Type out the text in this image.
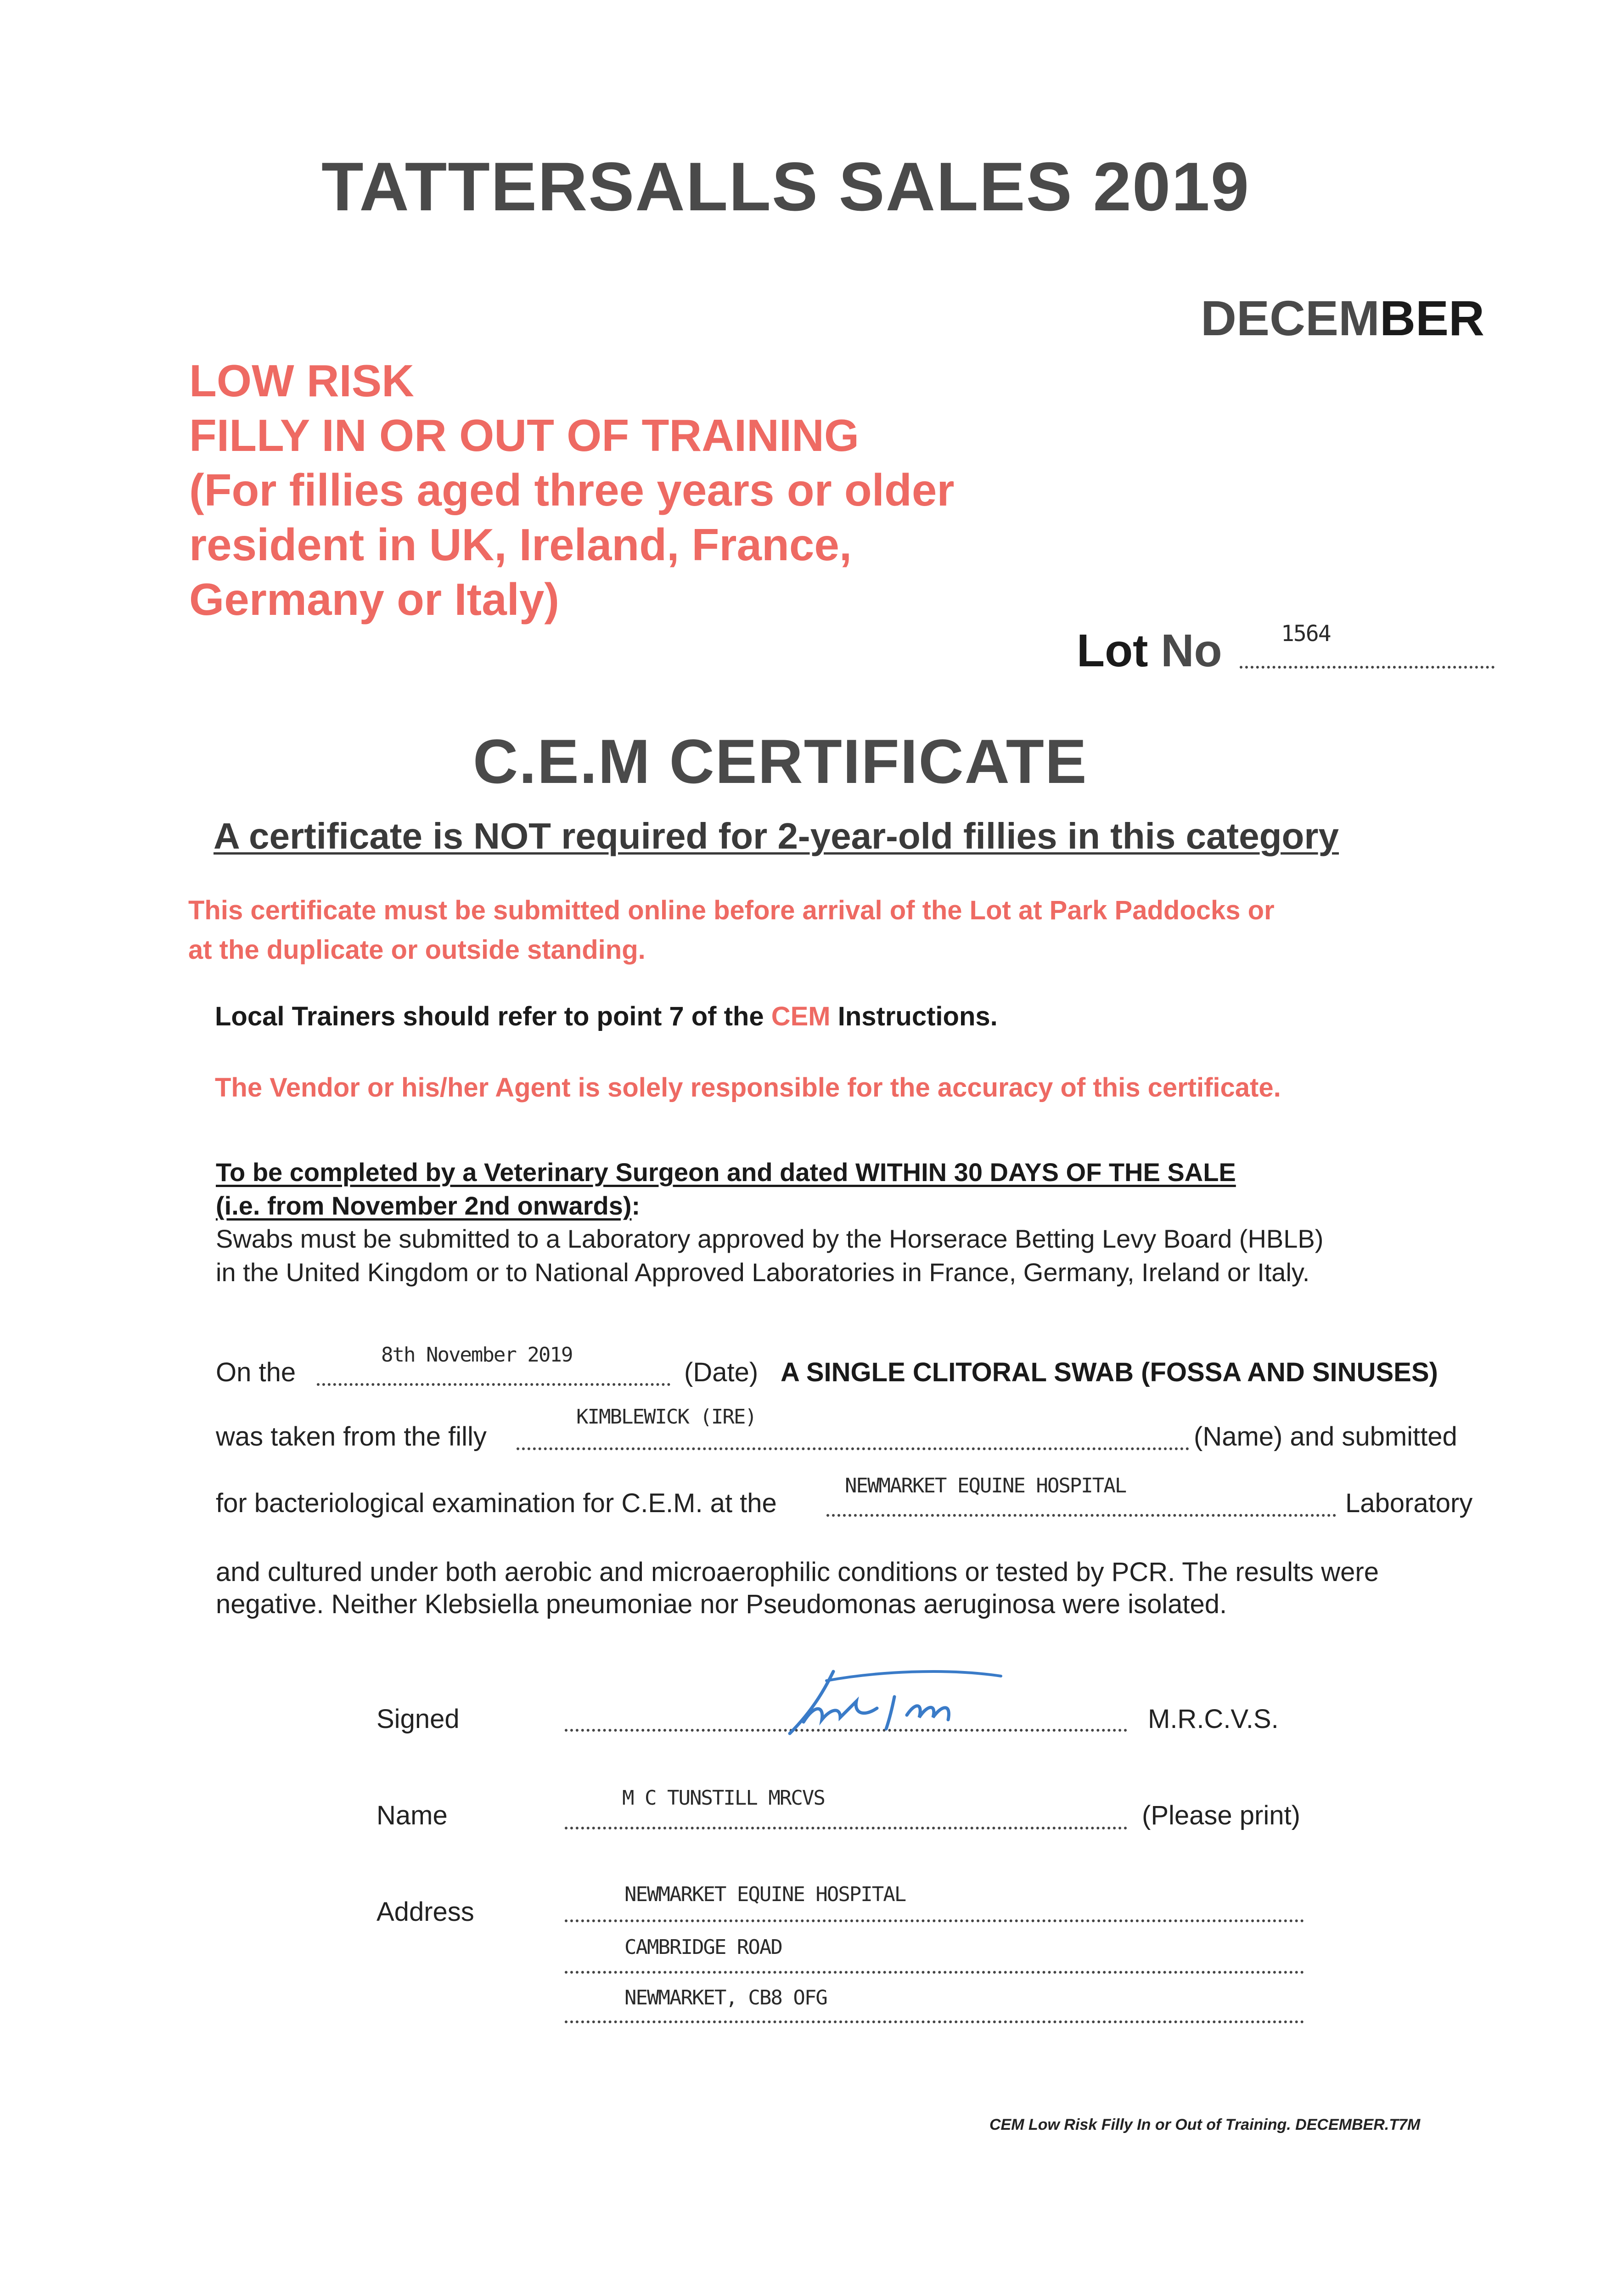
TATTERSALLS SALES 2019
DECEMBER
LOW RISK
FILLY IN OR OUT OF TRAINING
(For fillies aged three years or older
resident in UK, Ireland, France,
Germany or Italy)
Lot No	1564
C.E.M CERTIFICATE
A certificate is NOT required for 2-year-old fillies in this category
This certificate must be submitted online before arrival of the Lot at Park Paddocks or
at the duplicate or outside standing.
Local Trainers should refer to point 7 of the CEM Instructions.
The Vendor or his/her Agent is solely responsible for the accuracy of this certificate.
To be completed by a Veterinary Surgeon and dated WITHIN 30 DAYS OF THE SALE
(i.e. from November 2nd onwards):
Swabs must be submitted to a Laboratory approved by the Horserace Betting Levy Board (HBLB)
in the United Kingdom or to National Approved Laboratories in France, Germany, Ireland or Italy.
On the
8th November 2019
(Date) A SINGLE CLITORAL SWAB (FOSSA AND SINUSES)
was taken from the filly
KIMBLEWICK (IRE)
(Name) and submitted
for bacteriological examination for C.E.M. at the
NEWMARKET EQUINE HOSPITAL
Laboratory
and cultured under both aerobic and microaerophilic conditions or tested by PCR. The results were
negative. Neither Klebsiella pneumoniae nor Pseudomonas aeruginosa were isolated.
Signed	M.R.C.V.S.
Name
M C TUNSTILL MRCVS
(Please print)
Address
NEWMARKET EQUINE HOSPITAL
CAMBRIDGE ROAD
NEWMARKET, CB8 OFG
CEM Low Risk Filly In or Out of Training. DECEMBER.T7M
